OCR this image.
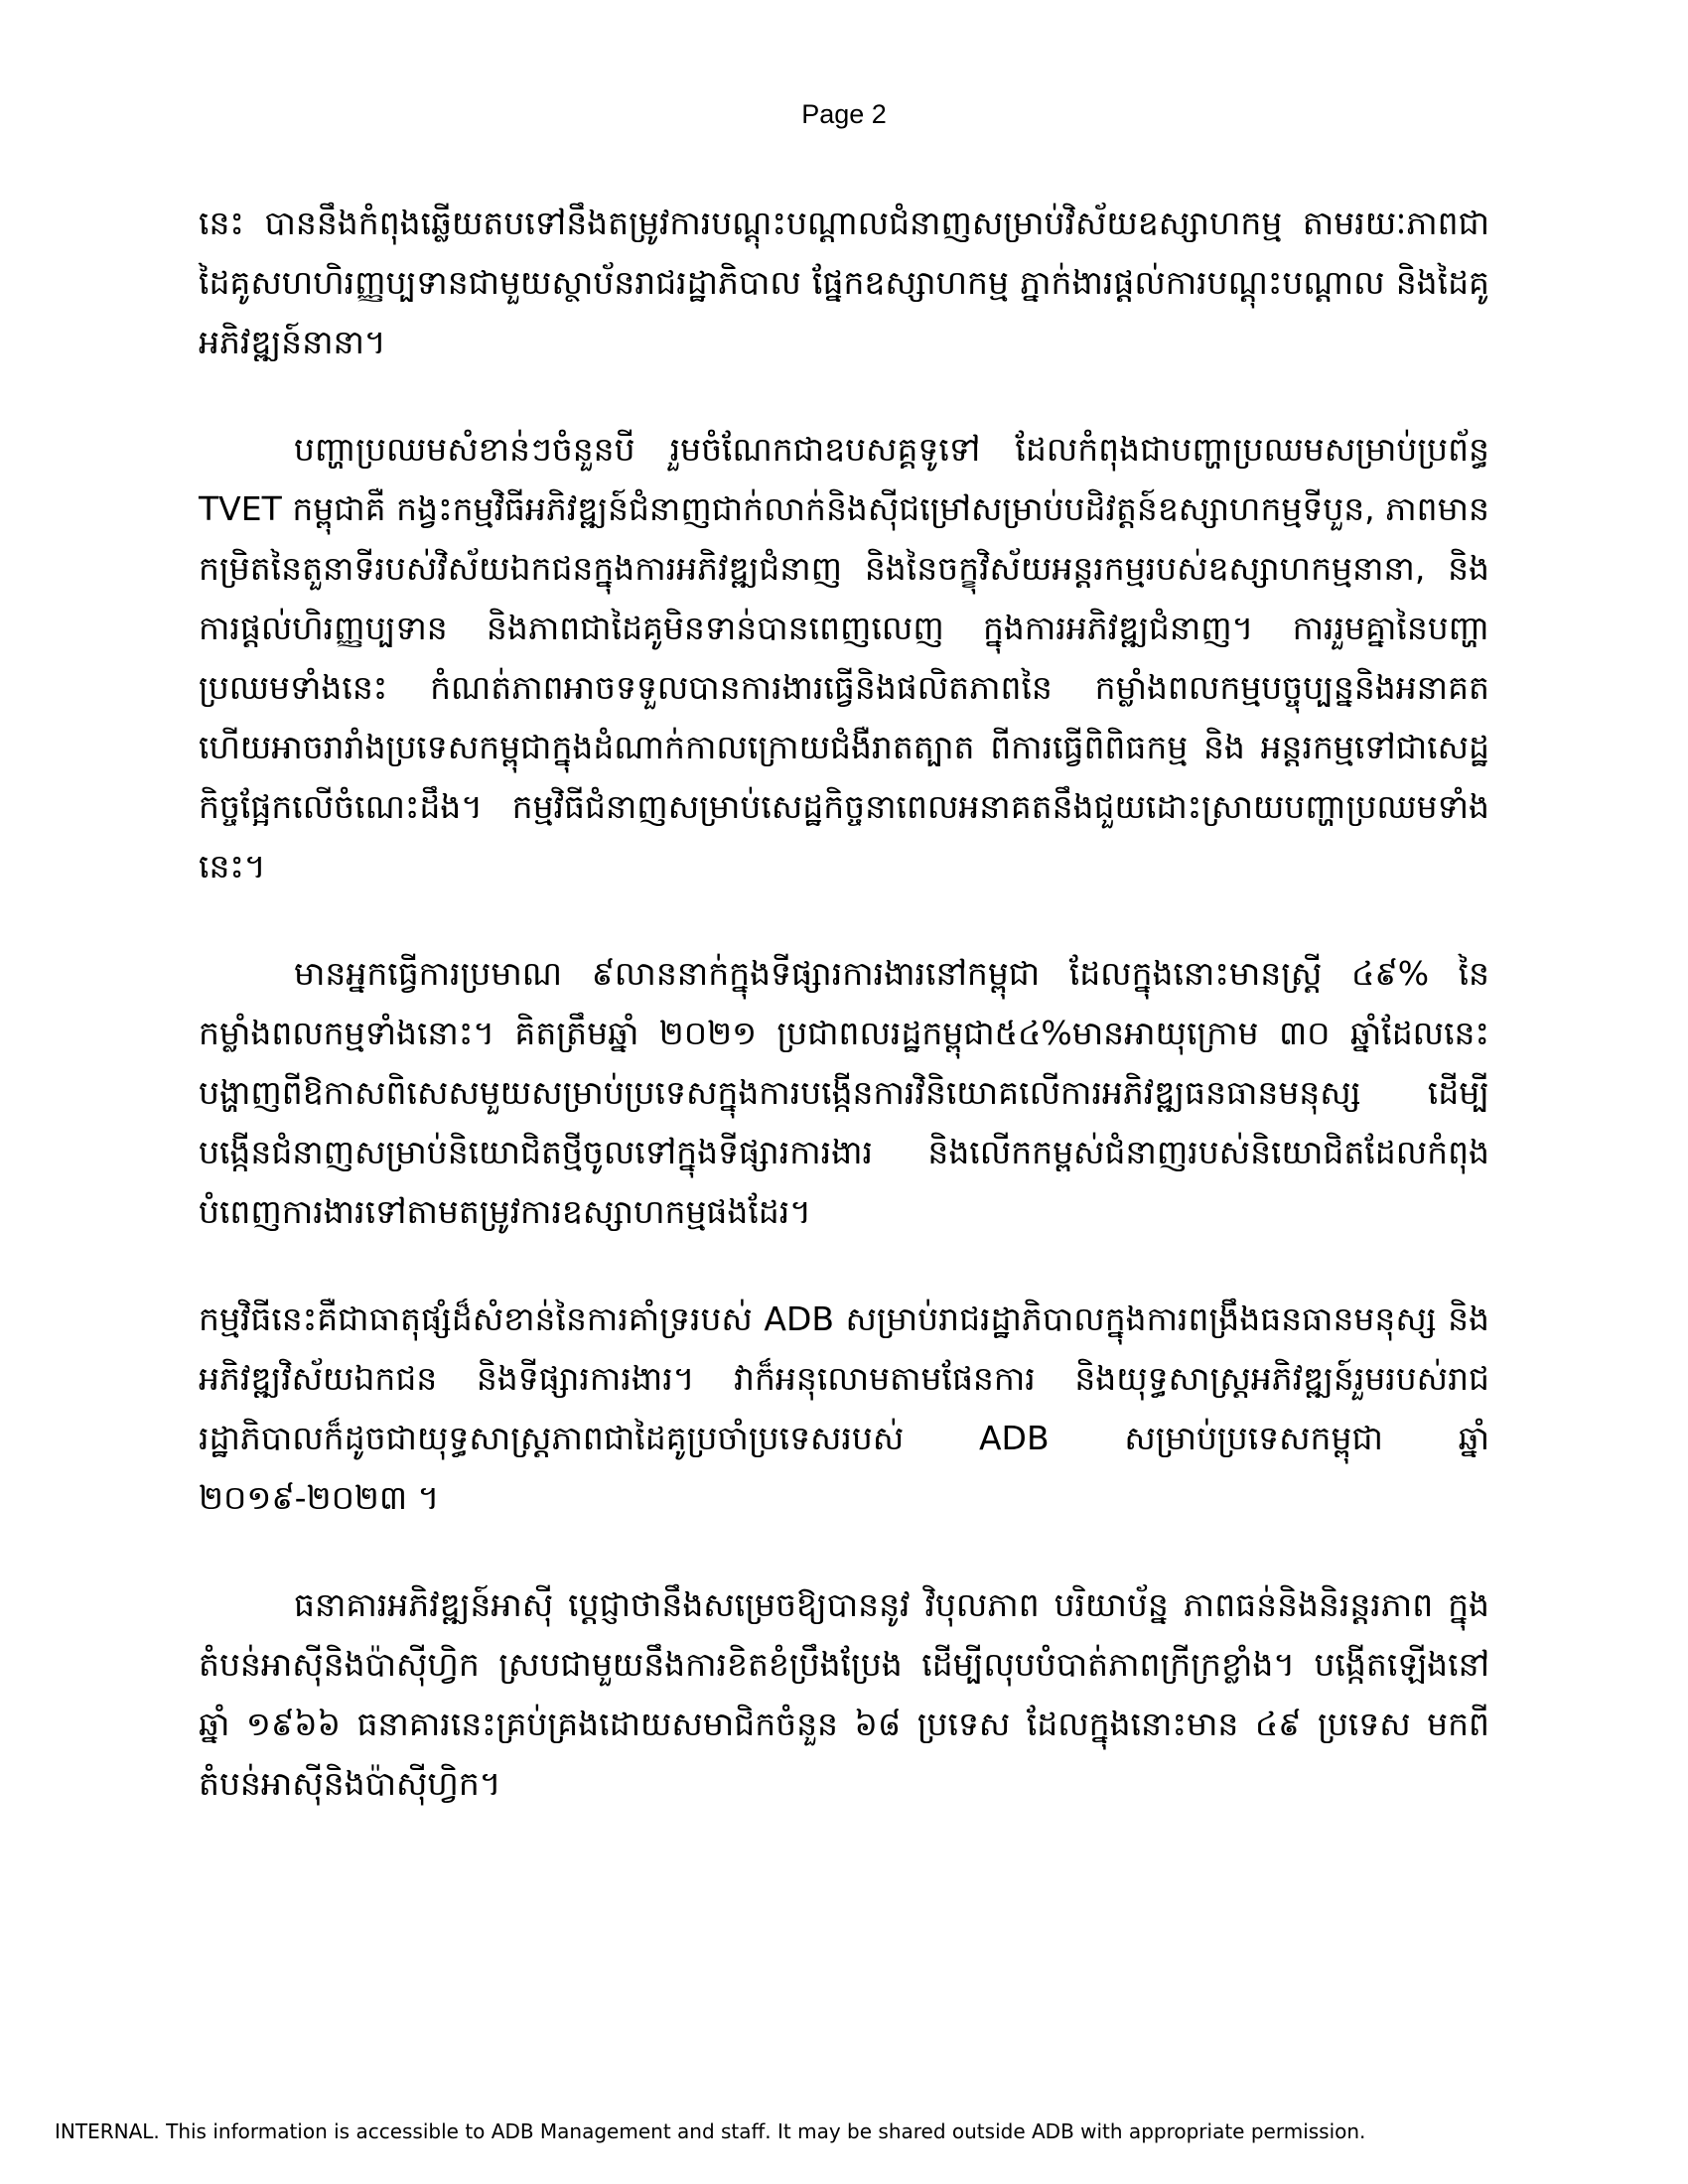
Page 2

នេះ បាននឹងកំពុងឆ្លើយតបទៅនឹងតម្រូវការបណ្តុះបណ្តាលជំនាញសម្រាប់វិស័យឧស្សាហកម្ម តាមរយៈភាពជាដៃគូសហហិរញ្ញប្បទានជាមួយស្ថាប័នរាជរដ្ឋាភិបាល ផ្នែកឧស្សាហកម្ម ភ្នាក់ងារផ្តល់ការបណ្តុះបណ្តាល និងដៃគូអភិវឌ្ឍន៍នានា។

បញ្ហាប្រឈមសំខាន់ៗចំនួនបី រួមចំណែកជាឧបសគ្គទូទៅ ដែលកំពុងជាបញ្ហាប្រឈមសម្រាប់ប្រព័ន្ធ TVET កម្ពុជាគឺ កង្វះកម្មវិធីអភិវឌ្ឍន៍ជំនាញជាក់លាក់និងស៊ីជម្រៅសម្រាប់បដិវត្តន៍ឧស្សាហកម្មទីបួន, ភាពមានកម្រិតនៃតួនាទីរបស់វិស័យឯកជនក្នុងការអភិវឌ្ឍជំនាញ និងនៃចក្ខុវិស័យអន្តរកម្មរបស់ឧស្សាហកម្មនានា, និងការផ្តល់ហិរញ្ញប្បទាន និងភាពជាដៃគូមិនទាន់បានពេញលេញ ក្នុងការអភិវឌ្ឍជំនាញ។ ការរួមគ្នានៃបញ្ហាប្រឈមទាំងនេះ កំណត់ភាពអាចទទួលបានការងារធ្វើនិងផលិតភាពនៃ កម្លាំងពលកម្មបច្ចុប្បន្ននិងអនាគត ហើយអាចរារាំងប្រទេសកម្ពុជាក្នុងដំណាក់កាលក្រោយជំងឺរាតត្បាត ពីការធ្វើពិពិធកម្ម និង អន្តរកម្មទៅជាសេដ្ឋកិច្ចផ្អែកលើចំណេះដឹង។ កម្មវិធីជំនាញសម្រាប់សេដ្ឋកិច្ចនាពេលអនាគតនឹងជួយដោះស្រាយបញ្ហាប្រឈមទាំងនេះ។

មានអ្នកធ្វើការប្រមាណ ៩លាននាក់ក្នុងទីផ្សារការងារនៅកម្ពុជា ដែលក្នុងនោះមានស្ត្រី ៤៩% នៃកម្លាំងពលកម្មទាំងនោះ។ គិតត្រឹមឆ្នាំ ២០២១ ប្រជាពលរដ្ឋកម្ពុជា៥៤%មានអាយុក្រោម ៣០ ឆ្នាំដែលនេះបង្ហាញពីឱកាសពិសេសមួយសម្រាប់ប្រទេសក្នុងការបង្កើនការវិនិយោគលើការអភិវឌ្ឍធនធានមនុស្ស ដើម្បីបង្កើនជំនាញសម្រាប់និយោជិតថ្មីចូលទៅក្នុងទីផ្សារការងារ និងលើកកម្ពស់ជំនាញរបស់និយោជិតដែលកំពុងបំពេញការងារទៅតាមតម្រូវការឧស្សាហកម្មផងដែរ។

កម្មវិធីនេះគឺជាធាតុផ្សំដ៏សំខាន់នៃការគាំទ្ររបស់ ADB សម្រាប់រាជរដ្ឋាភិបាលក្នុងការពង្រឹងធនធានមនុស្ស និងអភិវឌ្ឍវិស័យឯកជន និងទីផ្សារការងារ។ វាក៏អនុលោមតាមផែនការ និងយុទ្ធសាស្ត្រអភិវឌ្ឍន៍រួមរបស់រាជរដ្ឋាភិបាលក៏ដូចជាយុទ្ធសាស្ត្រភាពជាដៃគូប្រចាំប្រទេសរបស់ ADB សម្រាប់ប្រទេសកម្ពុជា ឆ្នាំ ២០១៩-២០២៣ ។

ធនាគារអភិវឌ្ឍន៍អាស៊ី ប្តេជ្ញាថានឹងសម្រេចឱ្យបាននូវ វិបុលភាព បរិយាប័ន្ន ភាពធន់និងនិរន្តរភាព ក្នុងតំបន់អាស៊ីនិងប៉ាស៊ីហ្វិក ស្របជាមួយនឹងការខិតខំប្រឹងប្រែង ដើម្បីលុបបំបាត់ភាពក្រីក្រខ្លាំង។ បង្កើតឡើងនៅឆ្នាំ ១៩៦៦ ធនាគារនេះគ្រប់គ្រងដោយសមាជិកចំនួន ៦៨ ប្រទេស ដែលក្នុងនោះមាន ៤៩ ប្រទេស មកពីតំបន់អាស៊ីនិងប៉ាស៊ីហ្វិក។

INTERNAL. This information is accessible to ADB Management and staff. It may be shared outside ADB with appropriate permission.
